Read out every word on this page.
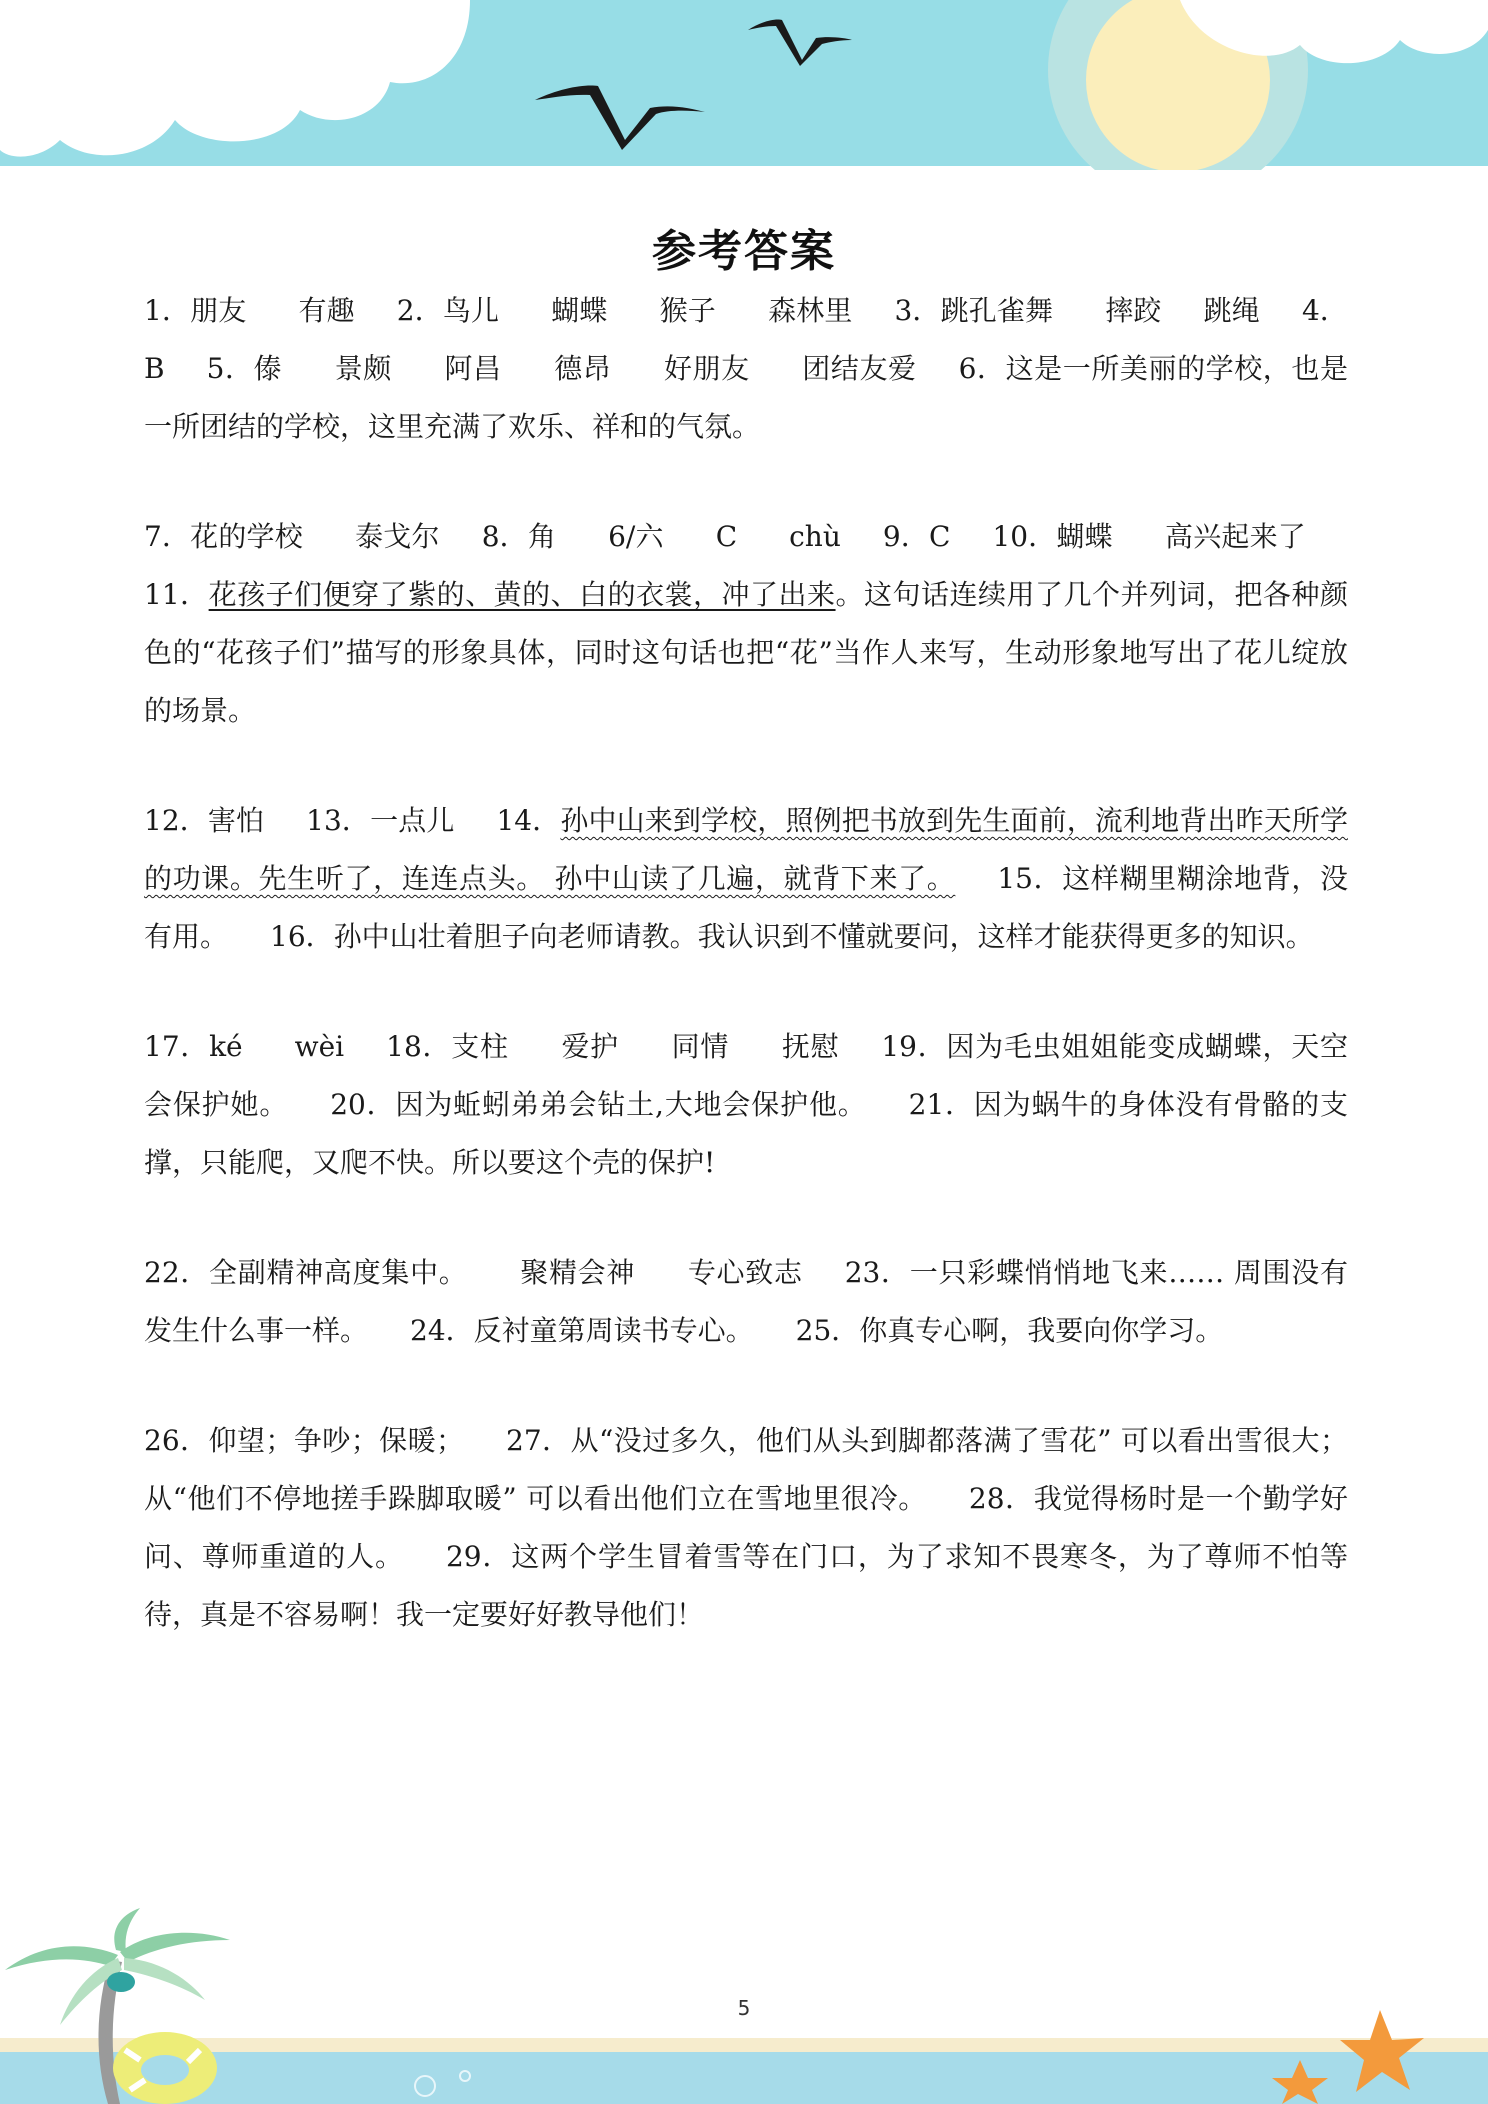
参考答案

1．朋友 有趣 2．鸟儿 蝴蝶 猴子 森林里 3．跳孔雀舞 摔跤 跳绳 4．B 5．傣 景颇 阿昌 德昂 好朋友 团结友爱 6．这是一所美丽的学校，也是一所团结的学校，这里充满了欢乐、祥和的气氛。

7．花的学校 泰戈尔 8．角 6/六 C chù 9．C 10．蝴蝶 高兴起来了11．花孩子们便穿了紫的、黄的、白的衣裳，冲了出来。这句话连续用了几个并列词，把各种颜色的“花孩子们”描写的形象具体，同时这句话也把“花”当作人来写，生动形象地写出了花儿绽放的场景。

12．害怕 13．一点儿 14．孙中山来到学校，照例把书放到先生面前，流利地背出昨天所学的功课。先生听了，连连点头。 孙中山读了几遍，就背下来了。 15．这样糊里糊涂地背，没有用。 16．孙中山壮着胆子向老师请教。我认识到不懂就要问，这样才能获得更多的知识。

17．ké wèi 18．支柱 爱护 同情 抚慰 19．因为毛虫姐姐能变成蝴蝶，天空会保护她。 20．因为蚯蚓弟弟会钻土,大地会保护他。 21．因为蜗牛的身体没有骨骼的支撑，只能爬，又爬不快。所以要这个壳的保护!

22．全副精神高度集中。 聚精会神 专心致志 23．一只彩蝶悄悄地飞来…… 周围没有发生什么事一样。 24．反衬童第周读书专心。 25．你真专心啊，我要向你学习。

26．仰望；争吵；保暖； 27．从“没过多久，他们从头到脚都落满了雪花” 可以看出雪很大；从“他们不停地搓手跺脚取暖” 可以看出他们立在雪地里很冷。 28．我觉得杨时是一个勤学好问、尊师重道的人。 29．这两个学生冒着雪等在门口，为了求知不畏寒冬，为了尊师不怕等待，真是不容易啊！我一定要好好教导他们！

5
